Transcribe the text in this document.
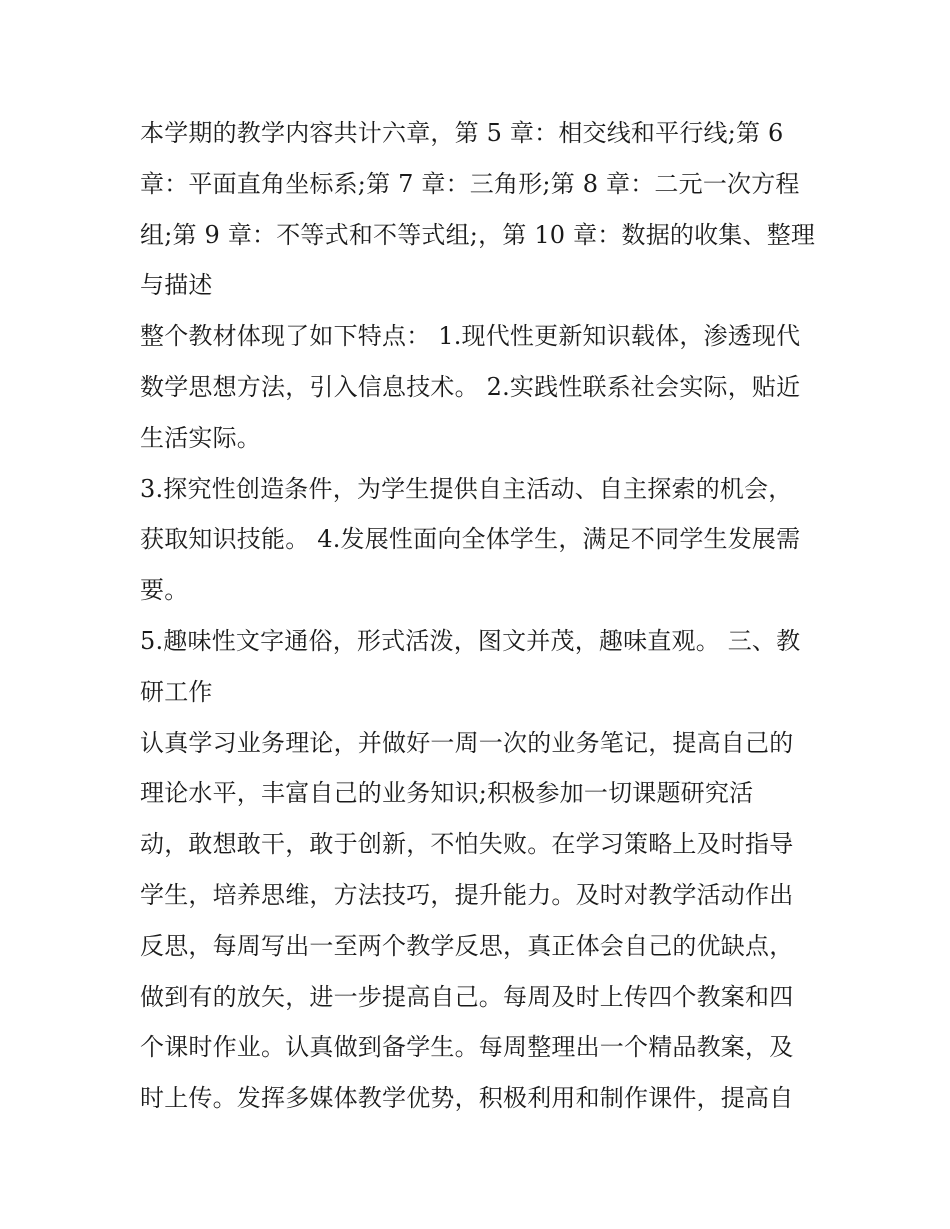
本学期的教学内容共计六章，第 5 章：相交线和平行线;第 6
章：平面直角坐标系;第 7 章：三角形;第 8 章：二元一次方程
组;第 9 章：不等式和不等式组;，第 10 章：数据的收集、整理
与描述
整个教材体现了如下特点： 1.现代性更新知识载体，渗透现代
数学思想方法，引入信息技术。 2.实践性联系社会实际，贴近
生活实际。
3.探究性创造条件，为学生提供自主活动、自主探索的机会，
获取知识技能。 4.发展性面向全体学生，满足不同学生发展需
要。
5.趣味性文字通俗，形式活泼，图文并茂，趣味直观。 三、教
研工作
认真学习业务理论，并做好一周一次的业务笔记，提高自己的
理论水平，丰富自己的业务知识;积极参加一切课题研究活
动，敢想敢干，敢于创新，不怕失败。在学习策略上及时指导
学生，培养思维，方法技巧，提升能力。及时对教学活动作出
反思，每周写出一至两个教学反思，真正体会自己的优缺点，
做到有的放矢，进一步提高自己。每周及时上传四个教案和四
个课时作业。认真做到备学生。每周整理出一个精品教案，及
时上传。发挥多媒体教学优势，积极利用和制作课件，提高自
